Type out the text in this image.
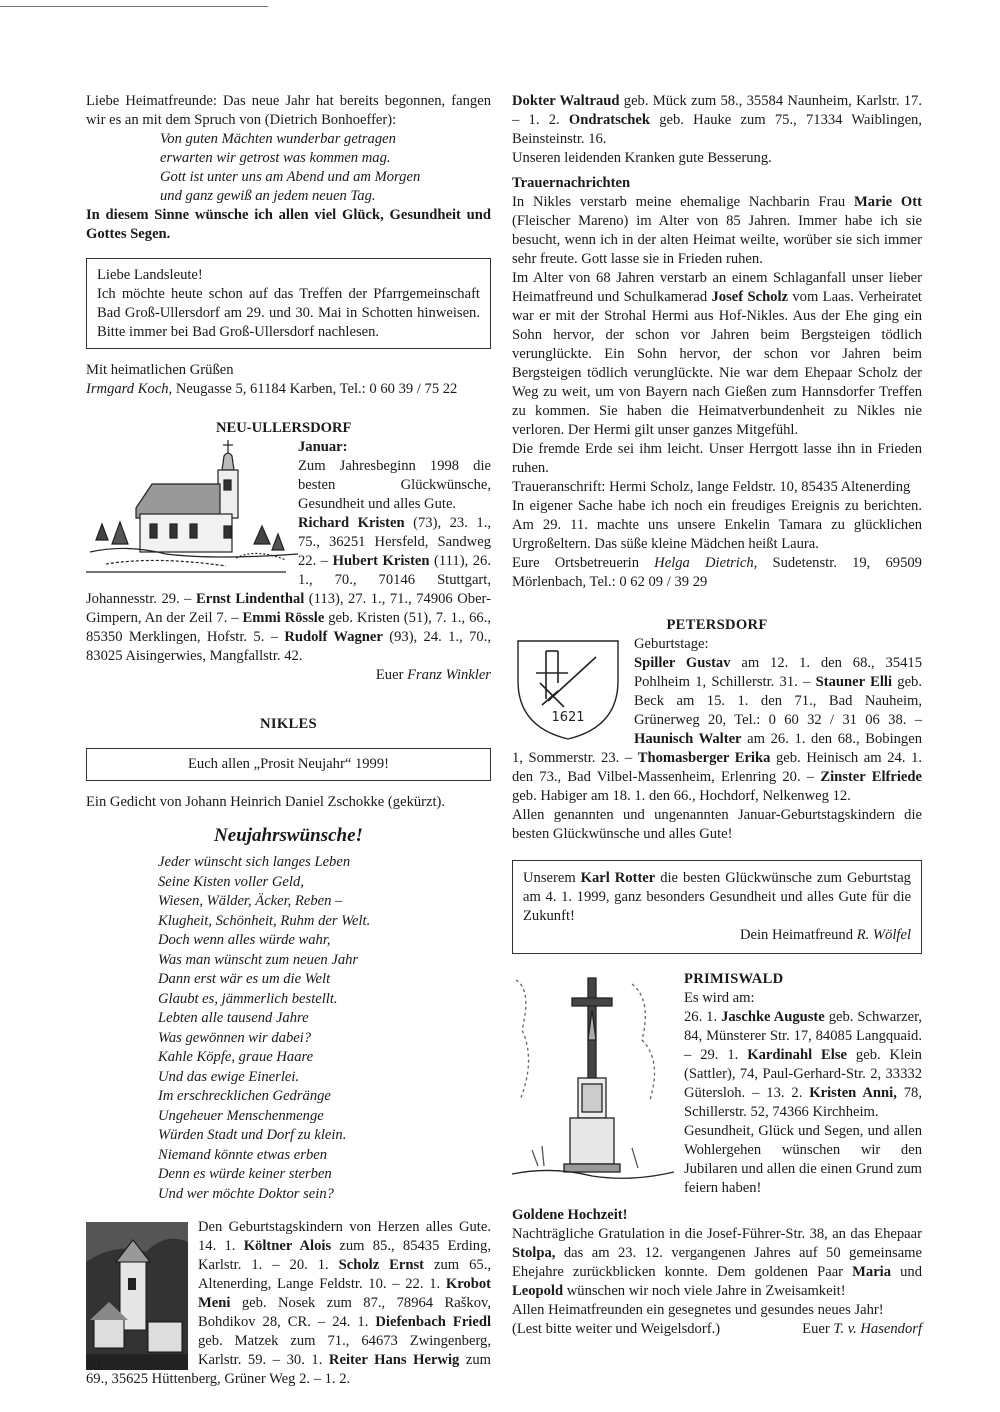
Liebe Heimatfreunde: Das neue Jahr hat bereits begonnen, fangen wir es an mit dem Spruch von (Dietrich Bonhoeffer):

Von guten Mächten wunderbar getragen
erwarten wir getrost was kommen mag.
Gott ist unter uns am Abend und am Morgen
und ganz gewiß an jedem neuen Tag.

In diesem Sinne wünsche ich allen viel Glück, Gesundheit und Gottes Segen.

Liebe Landsleute!

Ich möchte heute schon auf das Treffen der Pfarrgemeinschaft Bad Groß-Ullersdorf am 29. und 30. Mai in Schotten hinweisen. Bitte immer bei Bad Groß-Ullersdorf nachlesen.

Mit heimatlichen Grüßen
Irmgard Koch, Neugasse 5, 61184 Karben, Tel.: 0 60 39 / 75 22
NEU-ULLERSDORF
Januar:

Zum Jahresbeginn 1998 die besten Glückwünsche, Gesundheit und alles Gute.

Richard Kristen (73), 23. 1., 75., 36251 Hersfeld, Sandweg 22. – Hubert Kristen (111), 26. 1., 70., 70146 Stuttgart, Johannesstr. 29. – Ernst Lindenthal (113), 27. 1., 71., 74906 Ober-Gimpern, An der Zeil 7. – Emmi Rössle geb. Kristen (51), 7. 1., 66., 85350 Merklingen, Hofstr. 5. – Rudolf Wagner (93), 24. 1., 70., 83025 Aisingerwies, Mangfallstr. 42.

Euer Franz Winkler
NIKLES
Euch allen „Prosit Neujahr“ 1999!

Ein Gedicht von Johann Heinrich Daniel Zschokke (gekürzt).

Neujahrswünsche!
Jeder wünscht sich langes Leben
Seine Kisten voller Geld,
Wiesen, Wälder, Äcker, Reben –
Klugheit, Schönheit, Ruhm der Welt.
Doch wenn alles würde wahr,
Was man wünscht zum neuen Jahr
Dann erst wär es um die Welt
Glaubt es, jämmerlich bestellt.
Lebten alle tausend Jahre
Was gewönnen wir dabei?
Kahle Köpfe, graue Haare
Und das ewige Einerlei.
Im erschrecklichen Gedränge
Ungeheuer Menschenmenge
Würden Stadt und Dorf zu klein.
Niemand könnte etwas erben
Denn es würde keiner sterben
Und wer möchte Doktor sein?

Den Geburtstagskindern von Herzen alles Gute. 14. 1. Költner Alois zum 85., 85435 Erding, Karlstr. 1. – 20. 1. Scholz Ernst zum 65., Altenerding, Lange Feldstr. 10. – 22. 1. Krobot Meni geb. Nosek zum 87., 78964 Raškov, Bohdikov 28, CR. – 24. 1. Diefenbach Friedl geb. Matzek zum 71., 64673 Zwingenberg, Karlstr. 59. – 30. 1. Reiter Hans Herwig zum 69., 35625 Hüttenberg, Grüner Weg 2. – 1. 2.

Dokter Waltraud geb. Mück zum 58., 35584 Naunheim, Karlstr. 17. – 1. 2. Ondratschek geb. Hauke zum 75., 71334 Waiblingen, Beinsteinstr. 16.

Unseren leidenden Kranken gute Besserung.

Trauernachrichten

In Nikles verstarb meine ehemalige Nachbarin Frau Marie Ott (Fleischer Mareno) im Alter von 85 Jahren. Immer habe ich sie besucht, wenn ich in der alten Heimat weilte, worüber sie sich immer sehr freute. Gott lasse sie in Frieden ruhen.

Im Alter von 68 Jahren verstarb an einem Schlaganfall unser lieber Heimatfreund und Schulkamerad Josef Scholz vom Laas. Verheiratet war er mit der Strohal Hermi aus Hof-Nikles. Aus der Ehe ging ein Sohn hervor, der schon vor Jahren beim Bergsteigen tödlich verunglückte. Ein Sohn hervor, der schon vor Jahren beim Bergsteigen tödlich verunglückte. Nie war dem Ehepaar Scholz der Weg zu weit, um von Bayern nach Gießen zum Hannsdorfer Treffen zu kommen. Sie haben die Heimatverbundenheit zu Nikles nie verloren. Der Hermi gilt unser ganzes Mitgefühl.

Die fremde Erde sei ihm leicht. Unser Herrgott lasse ihn in Frieden ruhen.

Traueranschrift: Hermi Scholz, lange Feldstr. 10, 85435 Altenerding

In eigener Sache habe ich noch ein freudiges Ereignis zu berichten. Am 29. 11. machte uns unsere Enkelin Tamara zu glücklichen Urgroßeltern. Das süße kleine Mädchen heißt Laura.

Eure Ortsbetreuerin Helga Dietrich, Sudetenstr. 19, 69509 Mörlenbach, Tel.: 0 62 09 / 39 29

PETERSDORF
1621
Geburtstage:

Spiller Gustav am 12. 1. den 68., 35415 Pohlheim 1, Schillerstr. 31. – Stauner Elli geb. Beck am 15. 1. den 71., Bad Nauheim, Grünerweg 20, Tel.: 0 60 32 / 31 06 38. – Haunisch Walter am 26. 1. den 68., Bobingen 1, Sommerstr. 23. – Thomasberger Erika geb. Heinisch am 24. 1. den 73., Bad Vilbel-Massenheim, Erlenring 20. – Zinster Elfriede geb. Habiger am 18. 1. den 66., Hochdorf, Nelkenweg 12.

Allen genannten und ungenannten Januar-Geburtstagskindern die besten Glückwünsche und alles Gute!

Unserem Karl Rotter die besten Glückwünsche zum Geburtstag am 4. 1. 1999, ganz besonders Gesundheit und alles Gute für die Zukunft!

Dein Heimatfreund R. Wölfel
PRIMISWALD
Es wird am:

26. 1. Jaschke Auguste geb. Schwarzer, 84, Münsterer Str. 17, 84085 Langquaid. – 29. 1. Kardinahl Else geb. Klein (Sattler), 74, Paul-Gerhard-Str. 2, 33332 Gütersloh. – 13. 2. Kristen Anni, 78, Schillerstr. 52, 74366 Kirchheim.

Gesundheit, Glück und Segen, und allen Wohlergehen wünschen wir den Jubilaren und allen die einen Grund zum feiern haben!

Goldene Hochzeit!

Nachträgliche Gratulation in die Josef-Führer-Str. 38, an das Ehepaar Stolpa, das am 23. 12. vergangenen Jahres auf 50 gemeinsame Ehejahre zurückblicken konnte. Dem goldenen Paar Maria und Leopold wünschen wir noch viele Jahre in Zweisamkeit!

Allen Heimatfreunden ein gesegnetes und gesundes neues Jahr!

(Lest bitte weiter und Weigelsdorf.)	Euer T. v. Hasendorf
30
